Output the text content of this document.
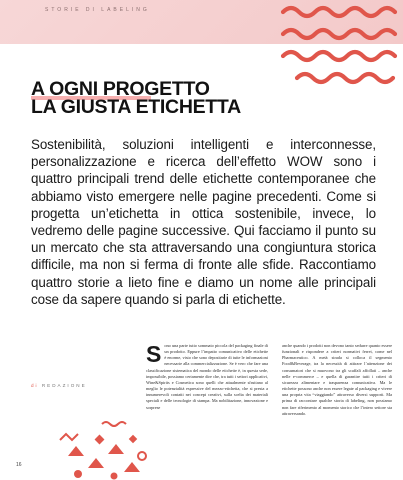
STORIE DI LABELING
A OGNI PROGETTO
LA GIUSTA ETICHETTA

Sostenibilità, soluzioni intelligenti e interconnesse, personalizzazione e ricerca dell’effetto WOW sono i quattro principali trend delle etichette contemporanee che abbiamo visto emergere nelle pagine precedenti. Come si progetta un’etichetta in ottica sostenibile, invece, lo vedremo delle pagine successive. Qui facciamo il punto su un mercato che sta attraversando una congiuntura storica difficile, ma non si ferma di fronte alle sfide. Raccontiamo quattro storie a lieto fine e diamo un nome alle principali cose da sapere quando si parla di etichette.

di REDAZIONE
Sono una parte tutto sommato piccola del packaging finale di un prodotto. Eppure l’impatto comunicativo delle etichette è enorme, visto che sono depositarie di tutte le informazioni necessarie alla commercializzazione. Se è vero che fare una classificazione sistematica del mondo delle etichette è, in questa sede, impossibile, possiamo certamente dire che, tra tutti i settori applicativi, Wine&Spirits e Cosmetica sono quelli che attualmente sfruttano al meglio le potenzialità espressive del mezzo-etichetta, che si presta a innumerevoli contatti nei concept creativi, sulla scelta dei materiali speciali e delle tecnologie di stampa. Ma nobilitazione, innovazione e sorprese
anche quando i prodotti non devono tanto sedurre quanto essere funzionali e rispondere a criteri normativi ferrei, come nel Pharmaceutico. A metà strada si colloca il segmento Food&Beverage, tra la necessità di attirare l’attenzione dei consumatori che si muovono tra gli scaffali affollati – anche nelle e-commerce – e quella di garantire tutti i criteri di sicurezza alimentare e trasparenza comunicativa. Ma le etichette possono anche non essere legate al packaging e vivere una propria vita “viaggiando” attraverso diversi supporti. Ma prima di raccontare qualche storia di labeling, non possiamo non fare riferimento al momento storico che l’intero settore sta attraversando.
16
